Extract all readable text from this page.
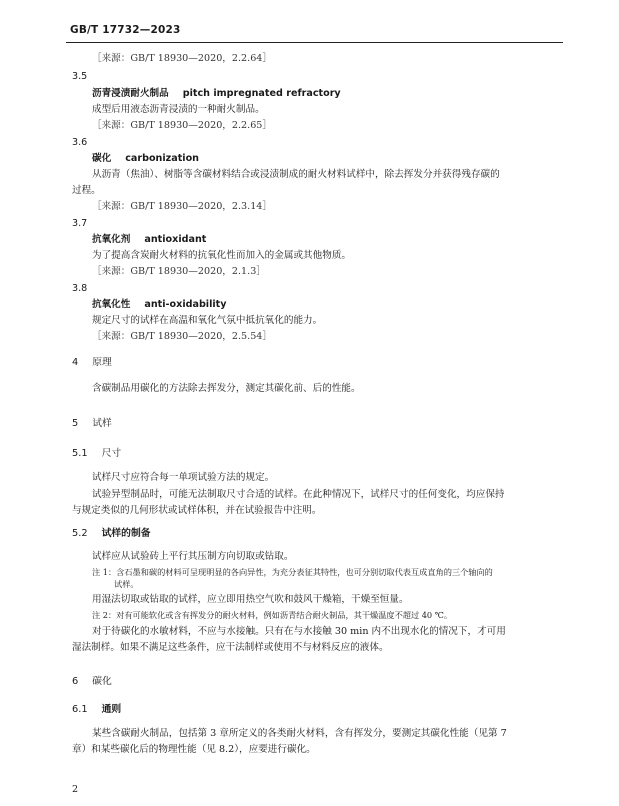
GB/T 17732—2023
［来源：GB/T 18930—2020，2.2.64］
3.5
沥青浸渍耐火制品 pitch impregnated refractory
成型后用液态沥青浸渍的一种耐火制品。
［来源：GB/T 18930—2020，2.2.65］
3.6
碳化 carbonization
从沥青（焦油）、树脂等含碳材料结合或浸渍制成的耐火材料试样中，除去挥发分并获得残存碳的
过程。
［来源：GB/T 18930—2020，2.3.14］
3.7
抗氧化剂 antioxidant
为了提高含炭耐火材料的抗氧化性而加入的金属或其他物质。
［来源：GB/T 18930—2020，2.1.3］
3.8
抗氧化性 anti-oxidability
规定尺寸的试样在高温和氧化气氛中抵抗氧化的能力。
［来源：GB/T 18930—2020，2.5.54］
4 原理
含碳制品用碳化的方法除去挥发分，测定其碳化前、后的性能。
5 试样
5.1 尺寸
试样尺寸应符合每一单项试验方法的规定。
试验异型制品时，可能无法制取尺寸合适的试样。在此种情况下，试样尺寸的任何变化，均应保持
与规定类似的几何形状或试样体积，并在试验报告中注明。
5.2 试样的制备
试样应从试验砖上平行其压制方向切取或钻取。
注 1：含石墨和碳的材料可呈现明显的各向异性，为充分表征其特性，也可分别切取代表互成直角的三个轴向的
试样。
用湿法切取或钻取的试样，应立即用热空气吹和鼓风干燥箱，干燥至恒量。
注 2：对有可能软化或含有挥发分的耐火材料，例如沥青结合耐火制品，其干燥温度不超过 40 ℃。
对于待碳化的水敏材料，不应与水接触。只有在与水接触 30 min 内不出现水化的情况下，才可用
湿法制样。如果不满足这些条件，应干法制样或使用不与材料反应的液体。
6 碳化
6.1 通则
某些含碳耐火制品，包括第 3 章所定义的各类耐火材料，含有挥发分，要测定其碳化性能（见第 7
章）和某些碳化后的物理性能（见 8.2），应要进行碳化。
2
